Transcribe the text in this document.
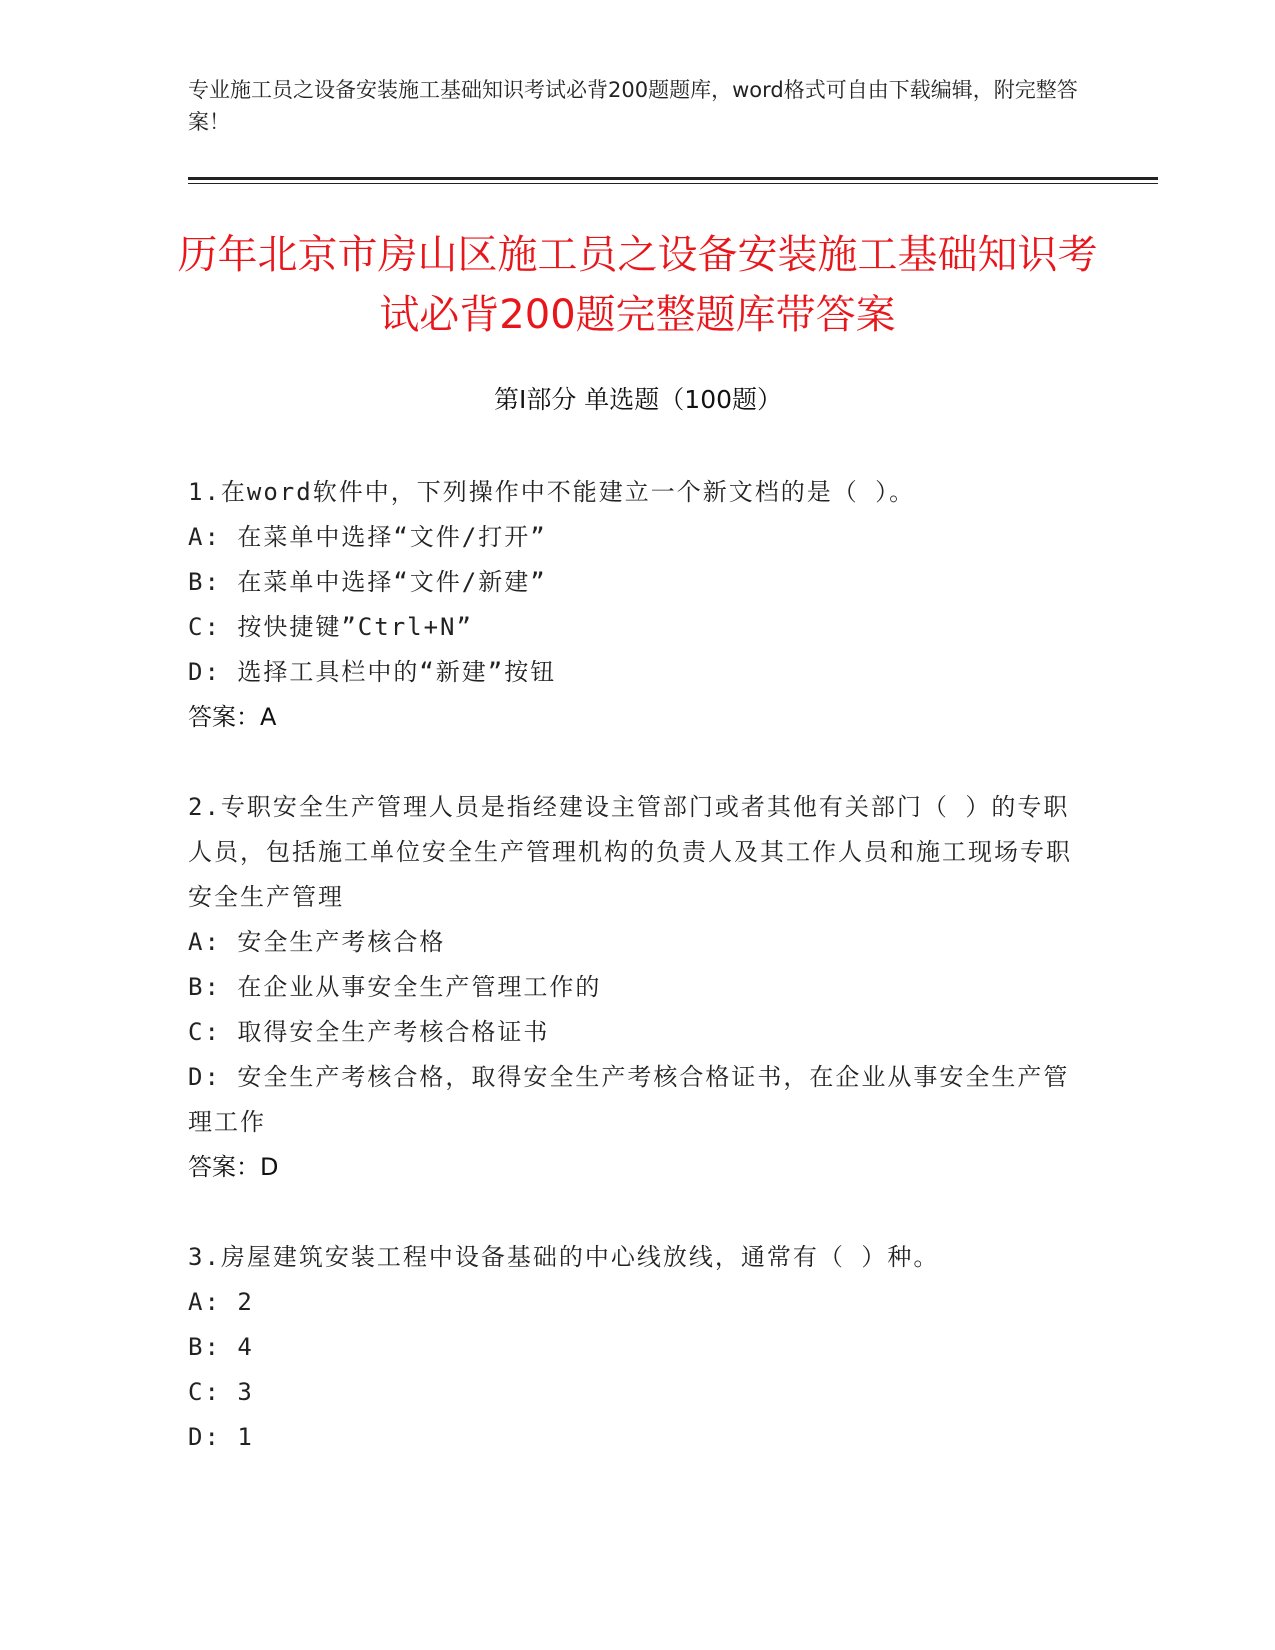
专业施工员之设备安装施工基础知识考试必背200题题库，word格式可自由下载编辑，附完整答案！
历年北京市房山区施工员之设备安装施工基础知识考试必背200题完整题库带答案
第Ⅰ部分 单选题（100题）
1.在word软件中，下列操作中不能建立一个新文档的是（ ）。
A: 在菜单中选择“文件/打开”
B: 在菜单中选择“文件/新建”
C: 按快捷键”Ctrl+N”
D: 选择工具栏中的“新建”按钮
答案：A
2.专职安全生产管理人员是指经建设主管部门或者其他有关部门（ ）的专职人员，包括施工单位安全生产管理机构的负责人及其工作人员和施工现场专职安全生产管理
A: 安全生产考核合格
B: 在企业从事安全生产管理工作的
C: 取得安全生产考核合格证书
D: 安全生产考核合格，取得安全生产考核合格证书，在企业从事安全生产管理工作
答案：D
3.房屋建筑安装工程中设备基础的中心线放线，通常有（ ）种。
A: 2
B: 4
C: 3
D: 1
